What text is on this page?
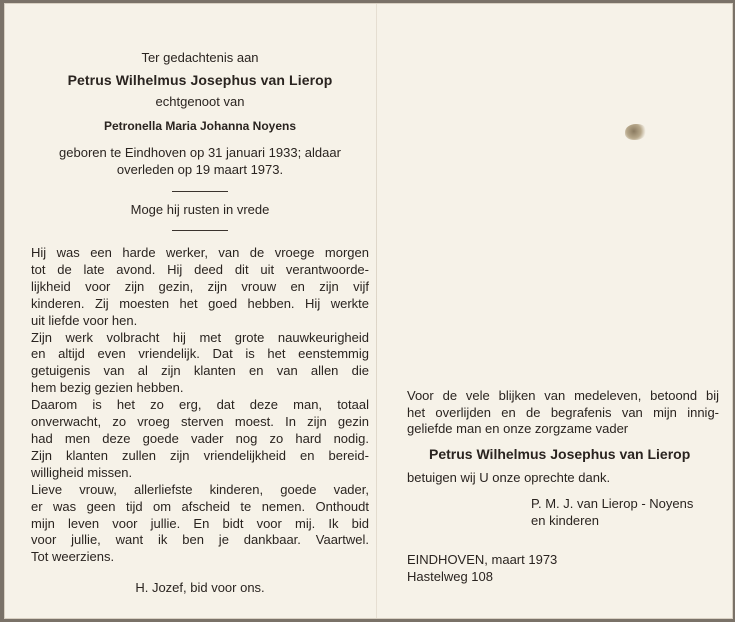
Ter gedachtenis aan
Petrus Wilhelmus Josephus van Lierop
echtgenoot van
Petronella Maria Johanna Noyens
geboren te Eindhoven op 31 januari 1933; aldaar
overleden op 19 maart 1973.
Moge hij rusten in vrede
Hij was een harde werker, van de vroege morgen
tot de late avond. Hij deed dit uit verantwoorde-
lijkheid voor zijn gezin, zijn vrouw en zijn vijf
kinderen. Zij moesten het goed hebben. Hij werkte
uit liefde voor hen.
Zijn werk volbracht hij met grote nauwkeurigheid
en altijd even vriendelijk. Dat is het eenstemmig
getuigenis van al zijn klanten en van allen die
hem bezig gezien hebben.
Daarom is het zo erg, dat deze man, totaal
onverwacht, zo vroeg sterven moest. In zijn gezin
had men deze goede vader nog zo hard nodig.
Zijn klanten zullen zijn vriendelijkheid en bereid-
willigheid missen.
Lieve vrouw, allerliefste kinderen, goede vader,
er was geen tijd om afscheid te nemen. Onthoudt
mijn leven voor jullie. En bidt voor mij. Ik bid
voor jullie, want ik ben je dankbaar. Vaartwel.
Tot weerziens.
H. Jozef, bid voor ons.
Voor de vele blijken van medeleven, betoond bij
het overlijden en de begrafenis van mijn innig-
geliefde man en onze zorgzame vader
Petrus Wilhelmus Josephus van Lierop
betuigen wij U onze oprechte dank.
P. M. J. van Lierop - Noyens
en kinderen
EINDHOVEN, maart 1973
Hastelweg 108
